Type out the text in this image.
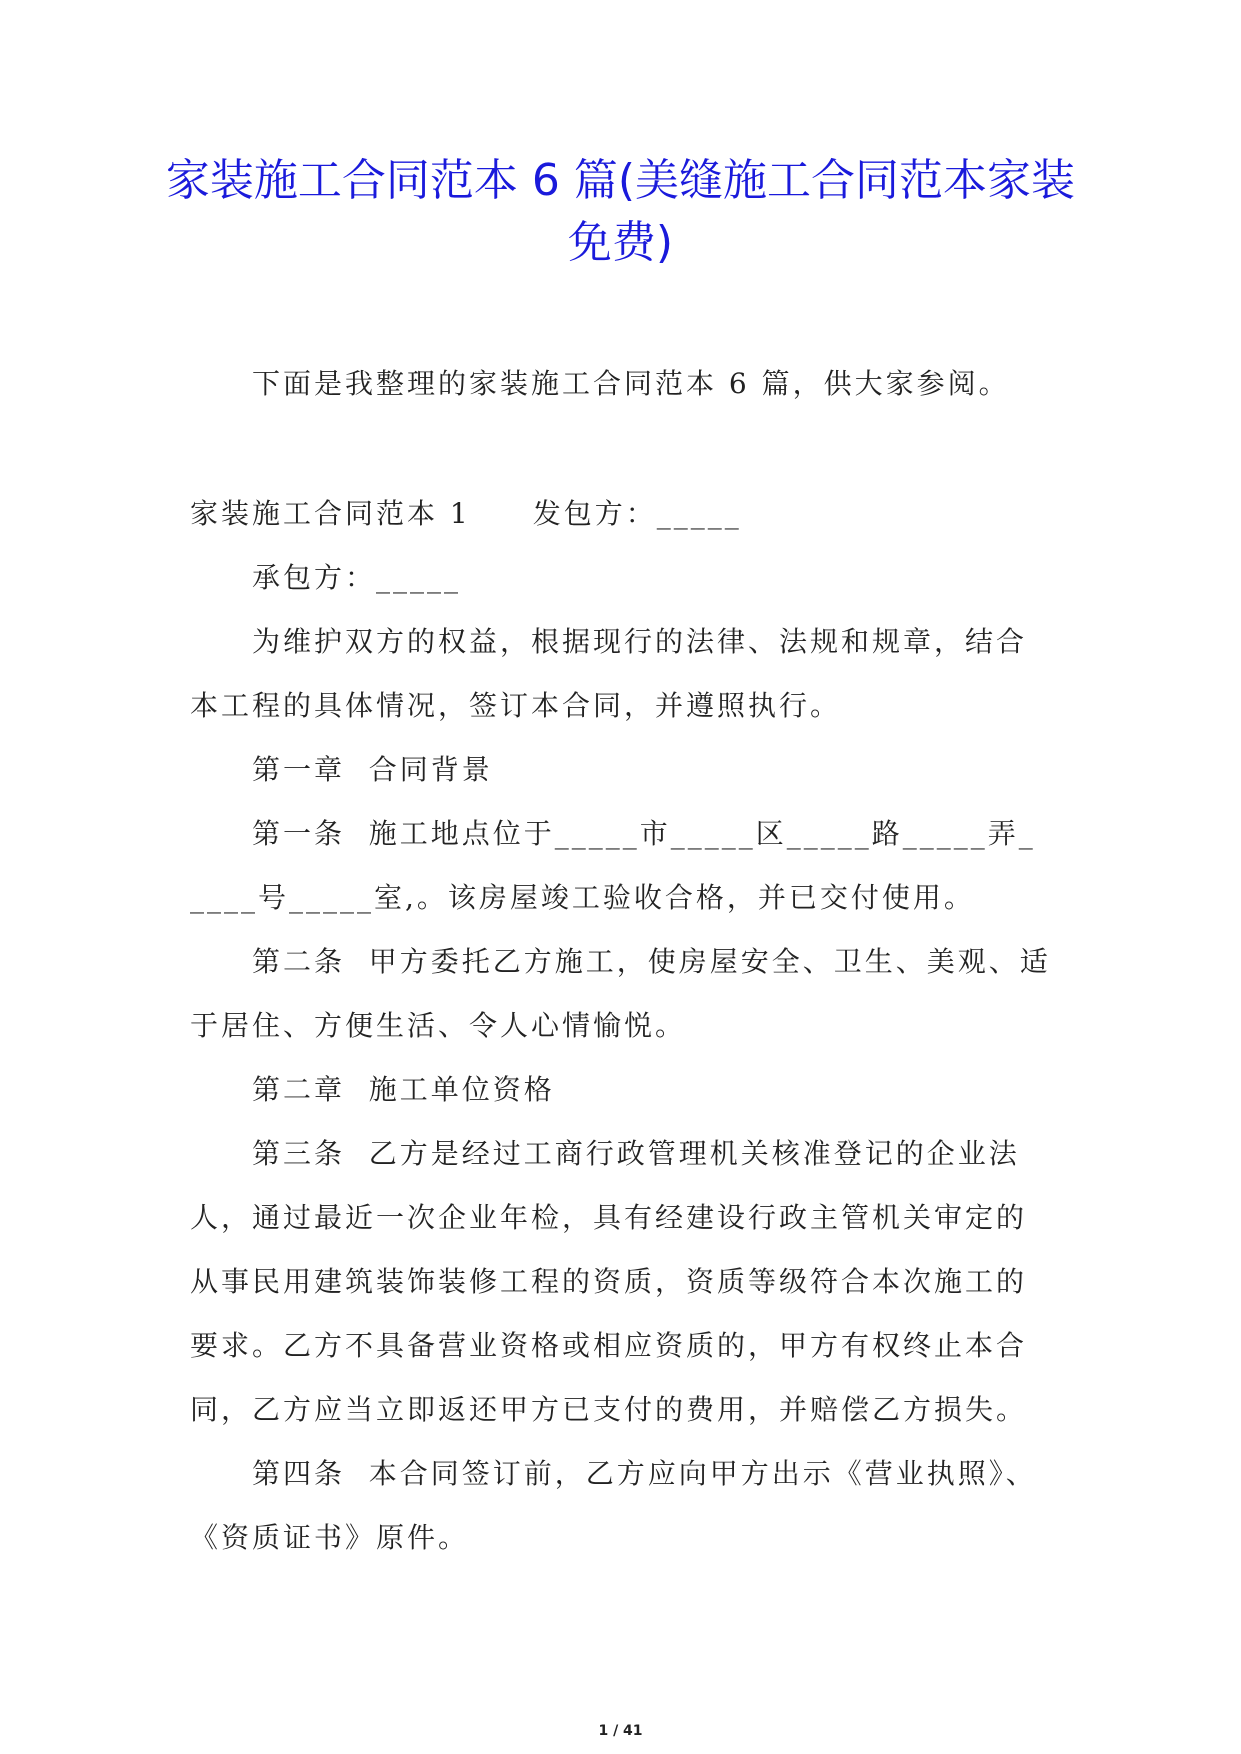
家装施工合同范本 6 篇(美缝施工合同范本家装免费)

下面是我整理的家装施工合同范本 6 篇，供大家参阅。

家装施工合同范本 1　　发包方：_____

承包方：_____

为维护双方的权益，根据现行的法律、法规和规章，结合本工程的具体情况，签订本合同，并遵照执行。

第一章  合同背景

第一条  施工地点位于_____市_____区_____路_____弄_____号_____室,。该房屋竣工验收合格，并已交付使用。

第二条  甲方委托乙方施工，使房屋安全、卫生、美观、适于居住、方便生活、令人心情愉悦。

第二章  施工单位资格

第三条  乙方是经过工商行政管理机关核准登记的企业法人，通过最近一次企业年检，具有经建设行政主管机关审定的从事民用建筑装饰装修工程的资质，资质等级符合本次施工的要求。乙方不具备营业资格或相应资质的，甲方有权终止本合同，乙方应当立即返还甲方已支付的费用，并赔偿乙方损失。

第四条  本合同签订前，乙方应向甲方出示《营业执照》、《资质证书》原件。

1 / 41
